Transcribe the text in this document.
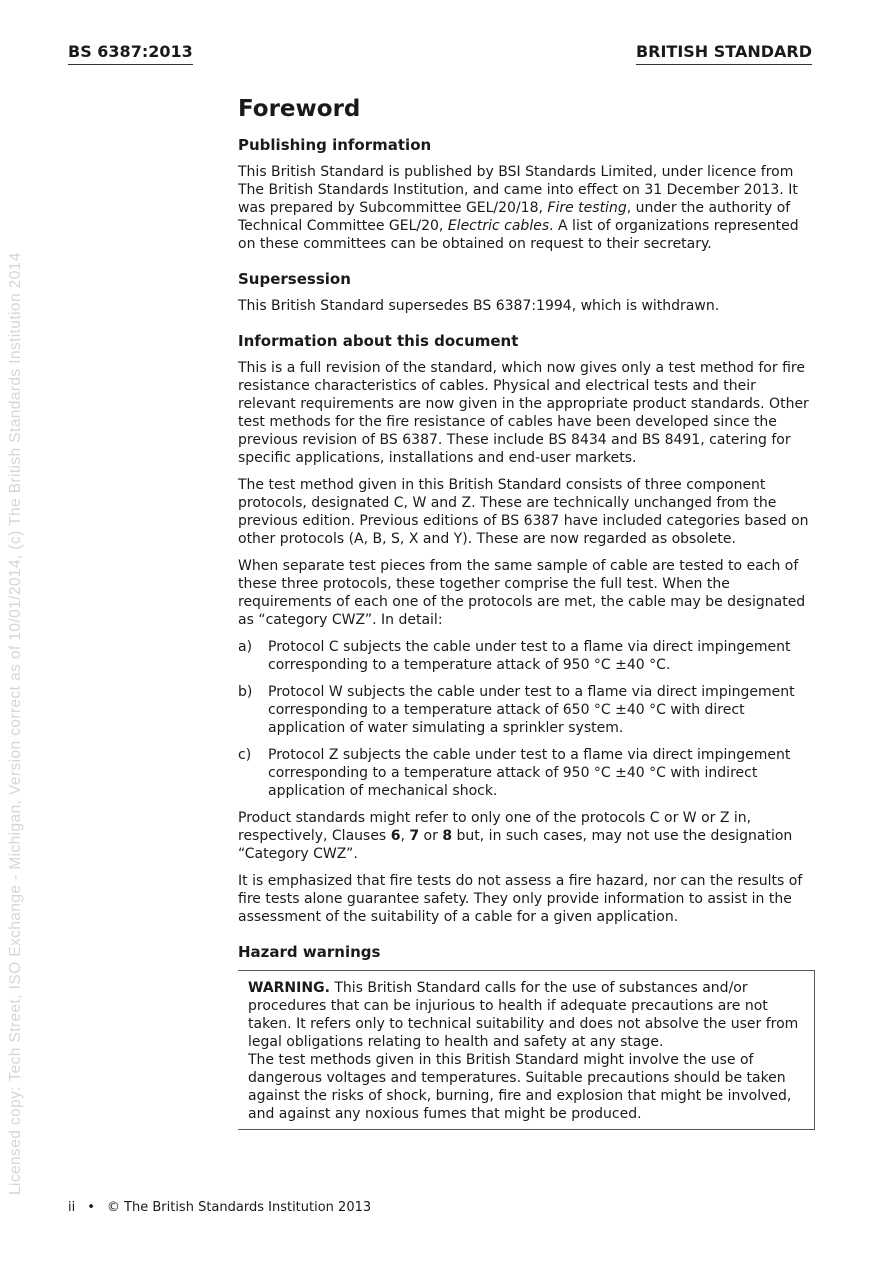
BS 6387:2013	BRITISH STANDARD
Licensed copy: Tech Street, ISO Exchange - Michigan, Version correct as of 10/01/2014, (c) The British Standards Institution 2014
Foreword
Publishing information

This British Standard is published by BSI Standards Limited, under licence from The British Standards Institution, and came into effect on 31 December 2013. It was prepared by Subcommittee GEL/20/18, Fire testing, under the authority of Technical Committee GEL/20, Electric cables. A list of organizations represented on these committees can be obtained on request to their secretary.

Supersession

This British Standard supersedes BS 6387:1994, which is withdrawn.

Information about this document

This is a full revision of the standard, which now gives only a test method for fire resistance characteristics of cables. Physical and electrical tests and their relevant requirements are now given in the appropriate product standards. Other test methods for the fire resistance of cables have been developed since the previous revision of BS 6387. These include BS 8434 and BS 8491, catering for specific applications, installations and end-user markets.

The test method given in this British Standard consists of three component protocols, designated C, W and Z. These are technically unchanged from the previous edition. Previous editions of BS 6387 have included categories based on other protocols (A, B, S, X and Y). These are now regarded as obsolete.

When separate test pieces from the same sample of cable are tested to each of these three protocols, these together comprise the full test. When the requirements of each one of the protocols are met, the cable may be designated as “category CWZ”. In detail:

a)	Protocol C subjects the cable under test to a flame via direct impingement corresponding to a temperature attack of 950 °C ±40 °C.
b)	Protocol W subjects the cable under test to a flame via direct impingement corresponding to a temperature attack of 650 °C ±40 °C with direct application of water simulating a sprinkler system.
c)	Protocol Z subjects the cable under test to a flame via direct impingement corresponding to a temperature attack of 950 °C ±40 °C with indirect application of mechanical shock.

Product standards might refer to only one of the protocols C or W or Z in, respectively, Clauses 6, 7 or 8 but, in such cases, may not use the designation “Category CWZ”.

It is emphasized that fire tests do not assess a fire hazard, nor can the results of fire tests alone guarantee safety. They only provide information to assist in the assessment of the suitability of a cable for a given application.

Hazard warnings

WARNING. This British Standard calls for the use of substances and/or procedures that can be injurious to health if adequate precautions are not taken. It refers only to technical suitability and does not absolve the user from legal obligations relating to health and safety at any stage.

The test methods given in this British Standard might involve the use of dangerous voltages and temperatures. Suitable precautions should be taken against the risks of shock, burning, fire and explosion that might be involved, and against any noxious fumes that might be produced.

ii • © The British Standards Institution 2013
